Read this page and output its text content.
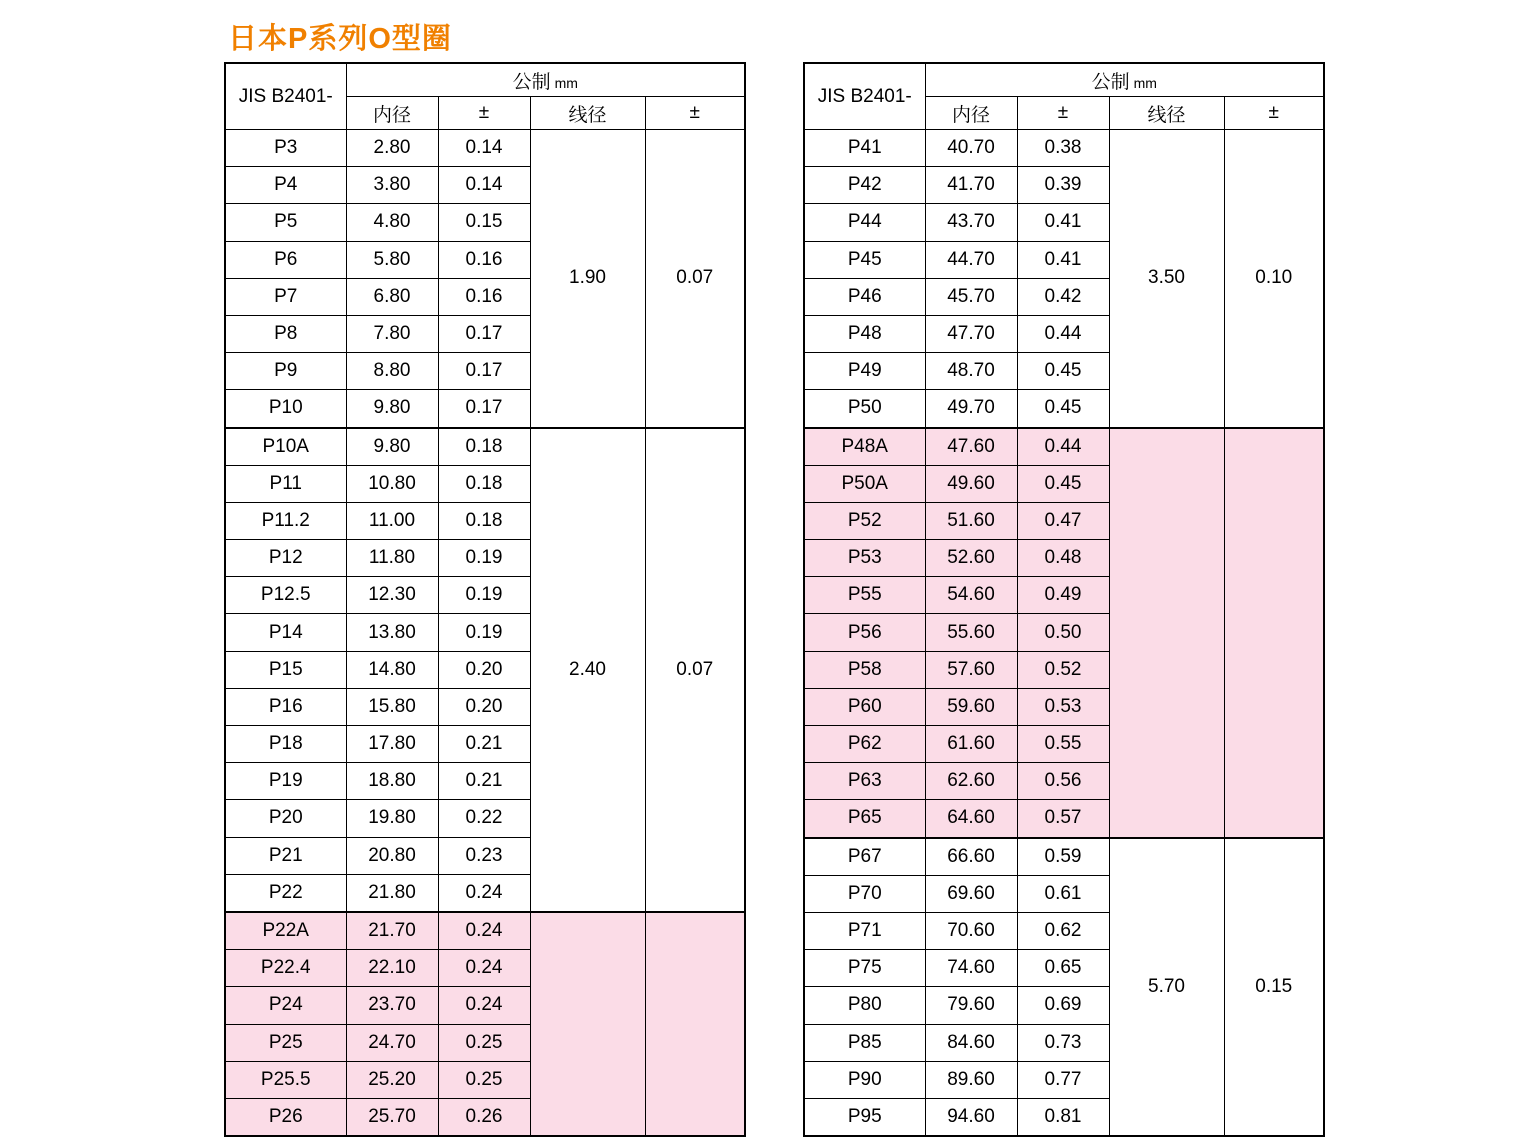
日本P系列O型圈
JIS B2401-	公制 mm			
	内径	±	线径	±
P3	2.80	0.14	1.90	0.07
P4	3.80	0.14		
P5	4.80	0.15		
P6	5.80	0.16		
P7	6.80	0.16		
P8	7.80	0.17		
P9	8.80	0.17		
P10	9.80	0.17		
P10A	9.80	0.18	2.40	0.07
P11	10.80	0.18		
P11.2	11.00	0.18		
P12	11.80	0.19		
P12.5	12.30	0.19		
P14	13.80	0.19		
P15	14.80	0.20		
P16	15.80	0.20		
P18	17.80	0.21		
P19	18.80	0.21		
P20	19.80	0.22		
P21	20.80	0.23		
P22	21.80	0.24		
P22A	21.70	0.24		
P22.4	22.10	0.24		
P24	23.70	0.24		
P25	24.70	0.25		
P25.5	25.20	0.25		
P26	25.70	0.26		
JIS B2401-	公制 mm			
	内径	±	线径	±
P41	40.70	0.38	3.50	0.10
P42	41.70	0.39		
P44	43.70	0.41		
P45	44.70	0.41		
P46	45.70	0.42		
P48	47.70	0.44		
P49	48.70	0.45		
P50	49.70	0.45		
P48A	47.60	0.44		
P50A	49.60	0.45		
P52	51.60	0.47		
P53	52.60	0.48		
P55	54.60	0.49		
P56	55.60	0.50		
P58	57.60	0.52		
P60	59.60	0.53		
P62	61.60	0.55		
P63	62.60	0.56		
P65	64.60	0.57		
P67	66.60	0.59	5.70	0.15
P70	69.60	0.61		
P71	70.60	0.62		
P75	74.60	0.65		
P80	79.60	0.69		
P85	84.60	0.73		
P90	89.60	0.77		
P95	94.60	0.81		
